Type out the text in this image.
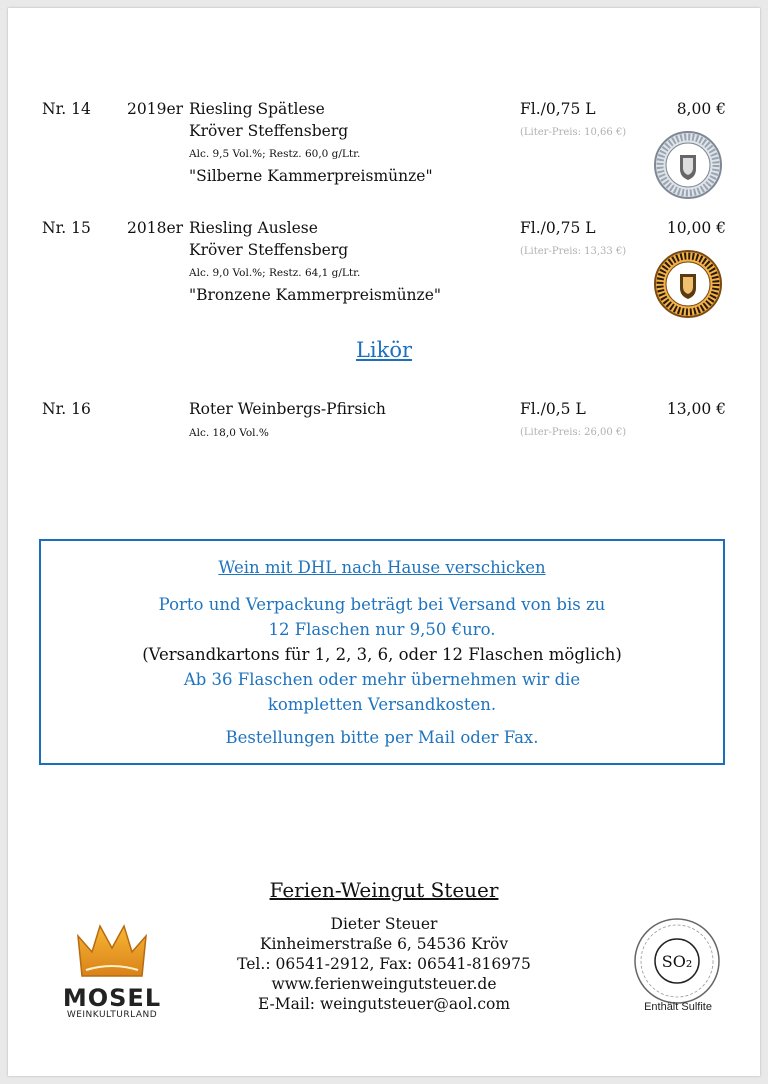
Nr. 14 2019er Riesling Spätlese
Kröver Steffensberg
Alc. 9,5 Vol.%; Restz. 60,0 g/Ltr.
"Silberne Kammerpreismünze"
Fl./0,75 L
(Liter-Preis: 10,66 €)
8,00 €
Nr. 15 2018er Riesling Auslese
Kröver Steffensberg
Alc. 9,0 Vol.%; Restz. 64,1 g/Ltr.
"Bronzene Kammerpreismünze"
Fl./0,75 L
(Liter-Preis: 13,33 €)
10,00 €
Likör
Nr. 16	Roter Weinbergs-Pfirsich
Alc. 18,0 Vol.%
Fl./0,5 L
(Liter-Preis: 26,00 €)
13,00 €
Wein mit DHL nach Hause verschicken
Porto und Verpackung beträgt bei Versand von bis zu
12 Flaschen nur 9,50 €uro.
(Versandkartons für 1, 2, 3, 6, oder 12 Flaschen möglich)
Ab 36 Flaschen oder mehr übernehmen wir die
kompletten Versandkosten.
Bestellungen bitte per Mail oder Fax.
Ferien-Weingut Steuer
MOSEL
WEINKULTURLAND
Dieter Steuer
Kinheimerstraße 6, 54536 Kröv
Tel.: 06541-2912, Fax: 06541-816975
www.ferienweingutsteuer.de
E-Mail: weingutsteuer@aol.com
SO₂
Enthält Sulfite
